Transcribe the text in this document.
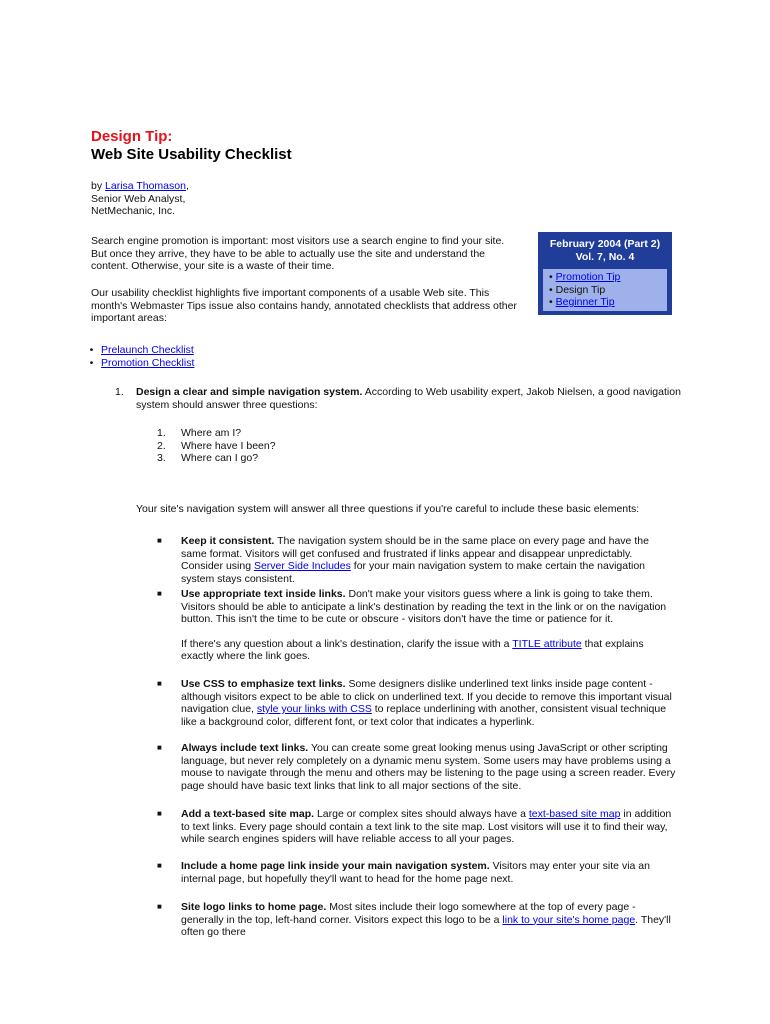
Design Tip:
Web Site Usability Checklist
by Larisa Thomason,
Senior Web Analyst,
NetMechanic, Inc.
Search engine promotion is important: most visitors use a search engine to find your site. But once they arrive, they have to be able to actually use the site and understand the content. Otherwise, your site is a waste of their time.
Our usability checklist highlights five important components of a usable Web site. This month's Webmaster Tips issue also contains handy, annotated checklists that address other important areas:
February 2004 (Part 2)
Vol. 7, No. 4
• Promotion Tip
• Design Tip
• Beginner Tip
• Prelaunch Checklist
• Promotion Checklist
1.	Design a clear and simple navigation system. According to Web usability expert, Jakob Nielsen, a good navigation system should answer three questions:
1.	Where am I?
2.	Where have I been?
3.	Where can I go?
Your site's navigation system will answer all three questions if you're careful to include these basic elements:
■	Keep it consistent. The navigation system should be in the same place on every page and have the same format. Visitors will get confused and frustrated if links appear and disappear unpredictably. Consider using Server Side Includes for your main navigation system to make certain the navigation system stays consistent.

■	Use appropriate text inside links. Don't make your visitors guess where a link is going to take them. Visitors should be able to anticipate a link's destination by reading the text in the link or on the navigation button. This isn't the time to be cute or obscure - visitors don't have the time or patience for it.

If there's any question about a link's destination, clarify the issue with a TITLE attribute that explains exactly where the link goes.

■	Use CSS to emphasize text links. Some designers dislike underlined text links inside page content - although visitors expect to be able to click on underlined text. If you decide to remove this important visual navigation clue, style your links with CSS to replace underlining with another, consistent visual technique like a background color, different font, or text color that indicates a hyperlink.

■	Always include text links. You can create some great looking menus using JavaScript or other scripting language, but never rely completely on a dynamic menu system. Some users may have problems using a mouse to navigate through the menu and others may be listening to the page using a screen reader. Every page should have basic text links that link to all major sections of the site.

■	Add a text-based site map. Large or complex sites should always have a text-based site map in addition to text links. Every page should contain a text link to the site map. Lost visitors will use it to find their way, while search engines spiders will have reliable access to all your pages.

■	Include a home page link inside your main navigation system. Visitors may enter your site via an internal page, but hopefully they'll want to head for the home page next.

■	Site logo links to home page. Most sites include their logo somewhere at the top of every page - generally in the top, left-hand corner. Visitors expect this logo to be a link to your site's home page. They'll often go there
